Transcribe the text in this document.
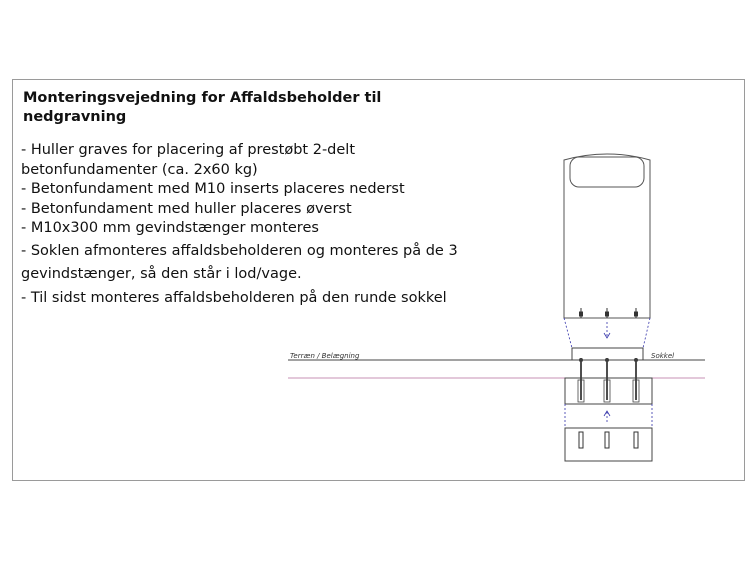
Monteringsvejedning for Affaldsbeholder til
nedgravning
- Huller graves for placering af prestøbt 2-delt
betonfundamenter (ca. 2x60 kg)
- Betonfundament med M10 inserts placeres nederst
- Betonfundament med huller placeres øverst
- M10x300 mm gevindstænger monteres
- Soklen afmonteres affaldsbeholderen og monteres på de 3
gevindstænger, så den står i lod/vage.
- Til sidst monteres affaldsbeholderen på den runde sokkel
Terræn / Belægning	Sokkel
